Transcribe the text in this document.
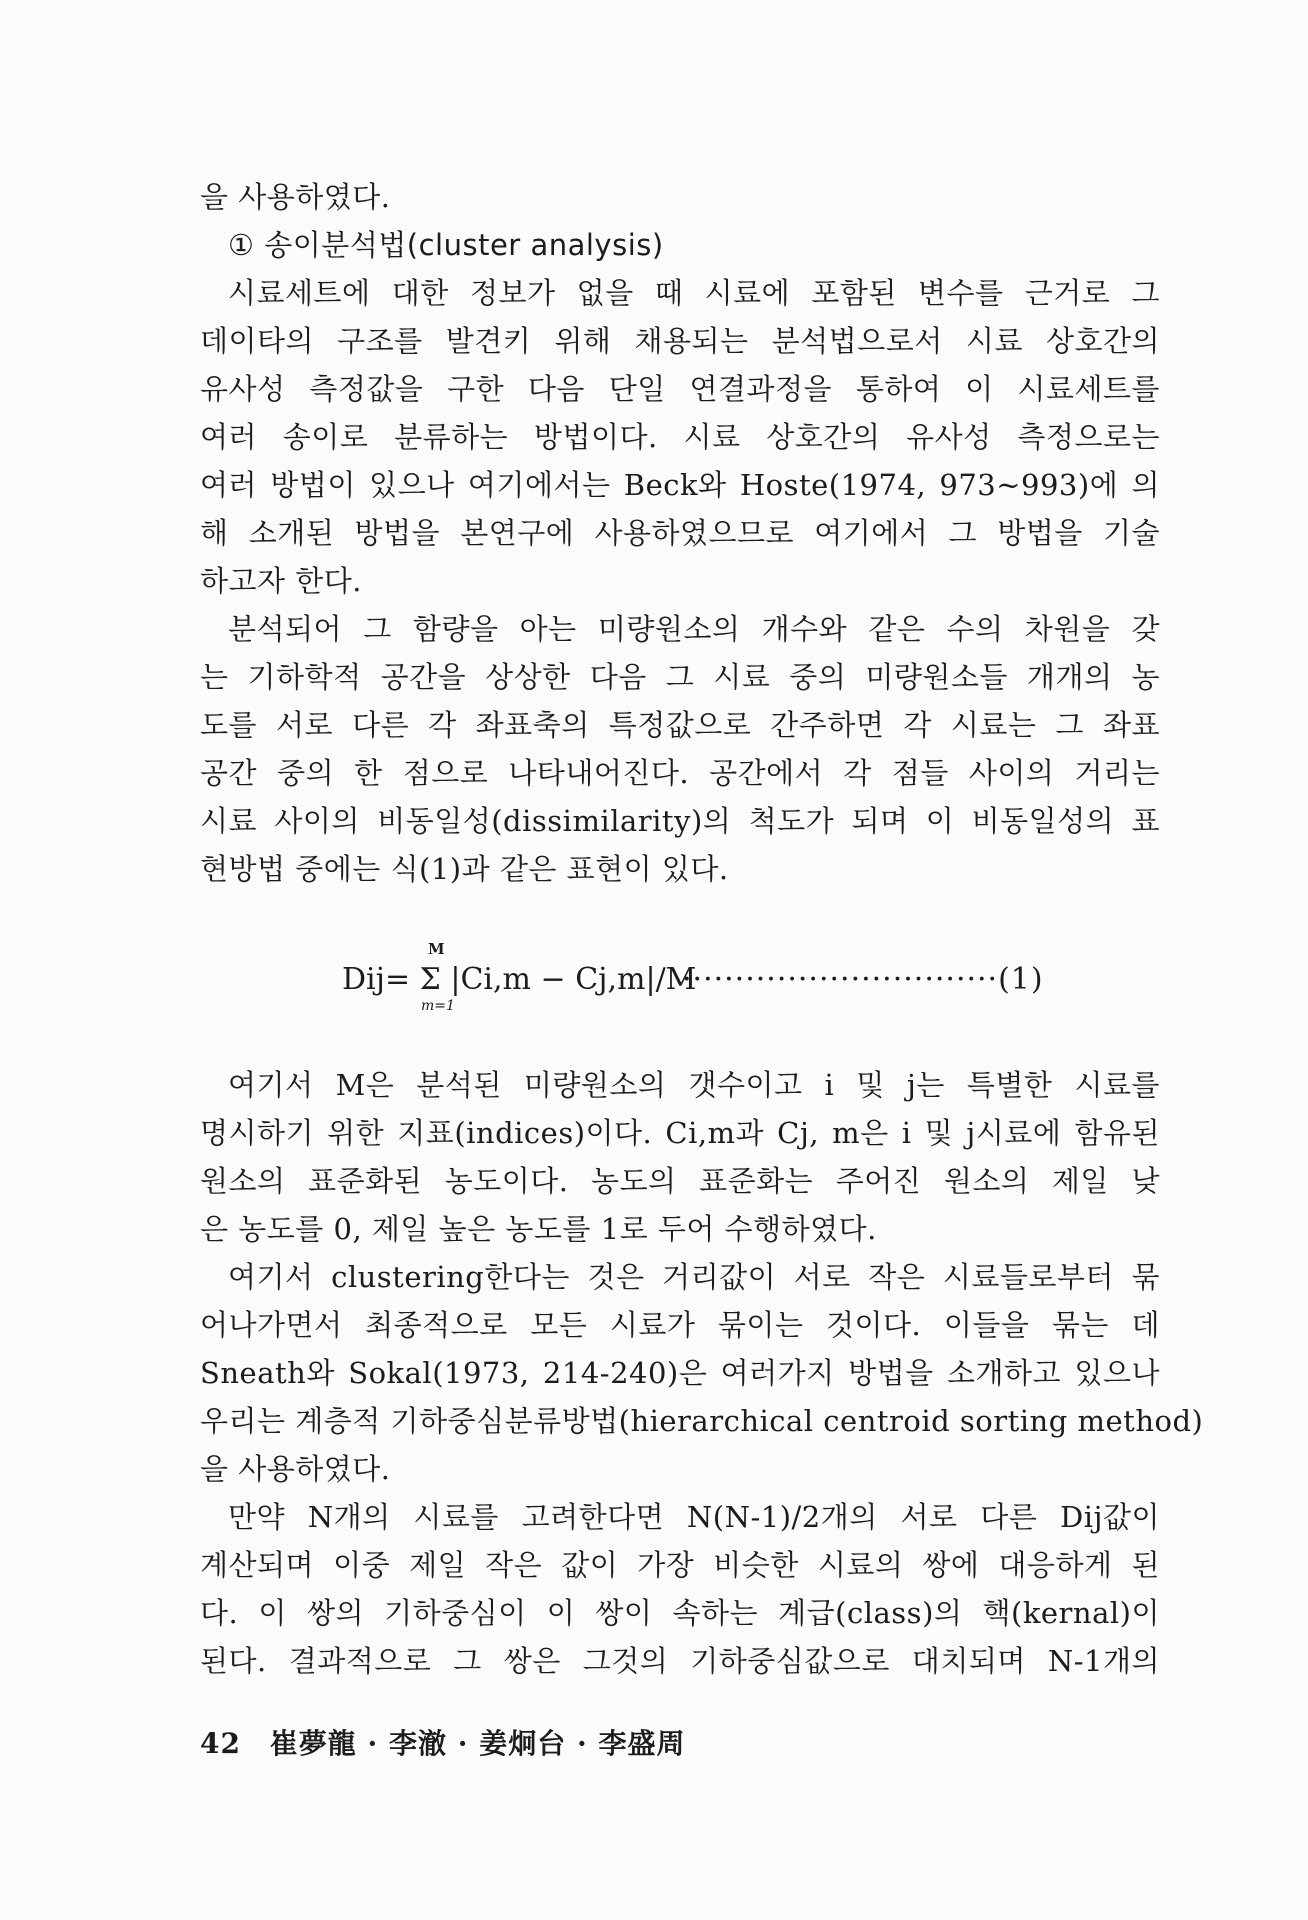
을 사용하였다.
① 송이분석법(cluster analysis)
시료세트에 대한 정보가 없을 때 시료에 포함된 변수를 근거로 그
데이타의 구조를 발견키 위해 채용되는 분석법으로서 시료 상호간의
유사성 측정값을 구한 다음 단일 연결과정을 통하여 이 시료세트를
여러 송이로 분류하는 방법이다. 시료 상호간의 유사성 측정으로는
여러 방법이 있으나 여기에서는 Beck와 Hoste(1974, 973~993)에 의
해 소개된 방법을 본연구에 사용하였으므로 여기에서 그 방법을 기술
하고자 한다.
분석되어 그 함량을 아는 미량원소의 개수와 같은 수의 차원을 갖
는 기하학적 공간을 상상한 다음 그 시료 중의 미량원소들 개개의 농
도를 서로 다른 각 좌표축의 특정값으로 간주하면 각 시료는 그 좌표
공간 중의 한 점으로 나타내어진다. 공간에서 각 점들 사이의 거리는
시료 사이의 비동일성(dissimilarity)의 척도가 되며 이 비동일성의 표
현방법 중에는 식(1)과 같은 표현이 있다.
M
Dij= Σ |Ci,m − Cj,m|/M
m=1
······························(1)
여기서 M은 분석된 미량원소의 갯수이고 i 및 j는 특별한 시료를
명시하기 위한 지표(indices)이다. Ci,m과 Cj, m은 i 및 j시료에 함유된
원소의 표준화된 농도이다. 농도의 표준화는 주어진 원소의 제일 낮
은 농도를 0, 제일 높은 농도를 1로 두어 수행하였다.
여기서 clustering한다는 것은 거리값이 서로 작은 시료들로부터 묶
어나가면서 최종적으로 모든 시료가 묶이는 것이다. 이들을 묶는 데
Sneath와 Sokal(1973, 214-240)은 여러가지 방법을 소개하고 있으나
우리는 계층적 기하중심분류방법(hierarchical centroid sorting method)
을 사용하였다.
만약 N개의 시료를 고려한다면 N(N-1)/2개의 서로 다른 Dij값이
계산되며 이중 제일 작은 값이 가장 비슷한 시료의 쌍에 대응하게 된
다. 이 쌍의 기하중심이 이 쌍이 속하는 계급(class)의 핵(kernal)이
된다. 결과적으로 그 쌍은 그것의 기하중심값으로 대치되며 N-1개의
42 崔夢龍 · 李澈 · 姜炯台 · 李盛周
